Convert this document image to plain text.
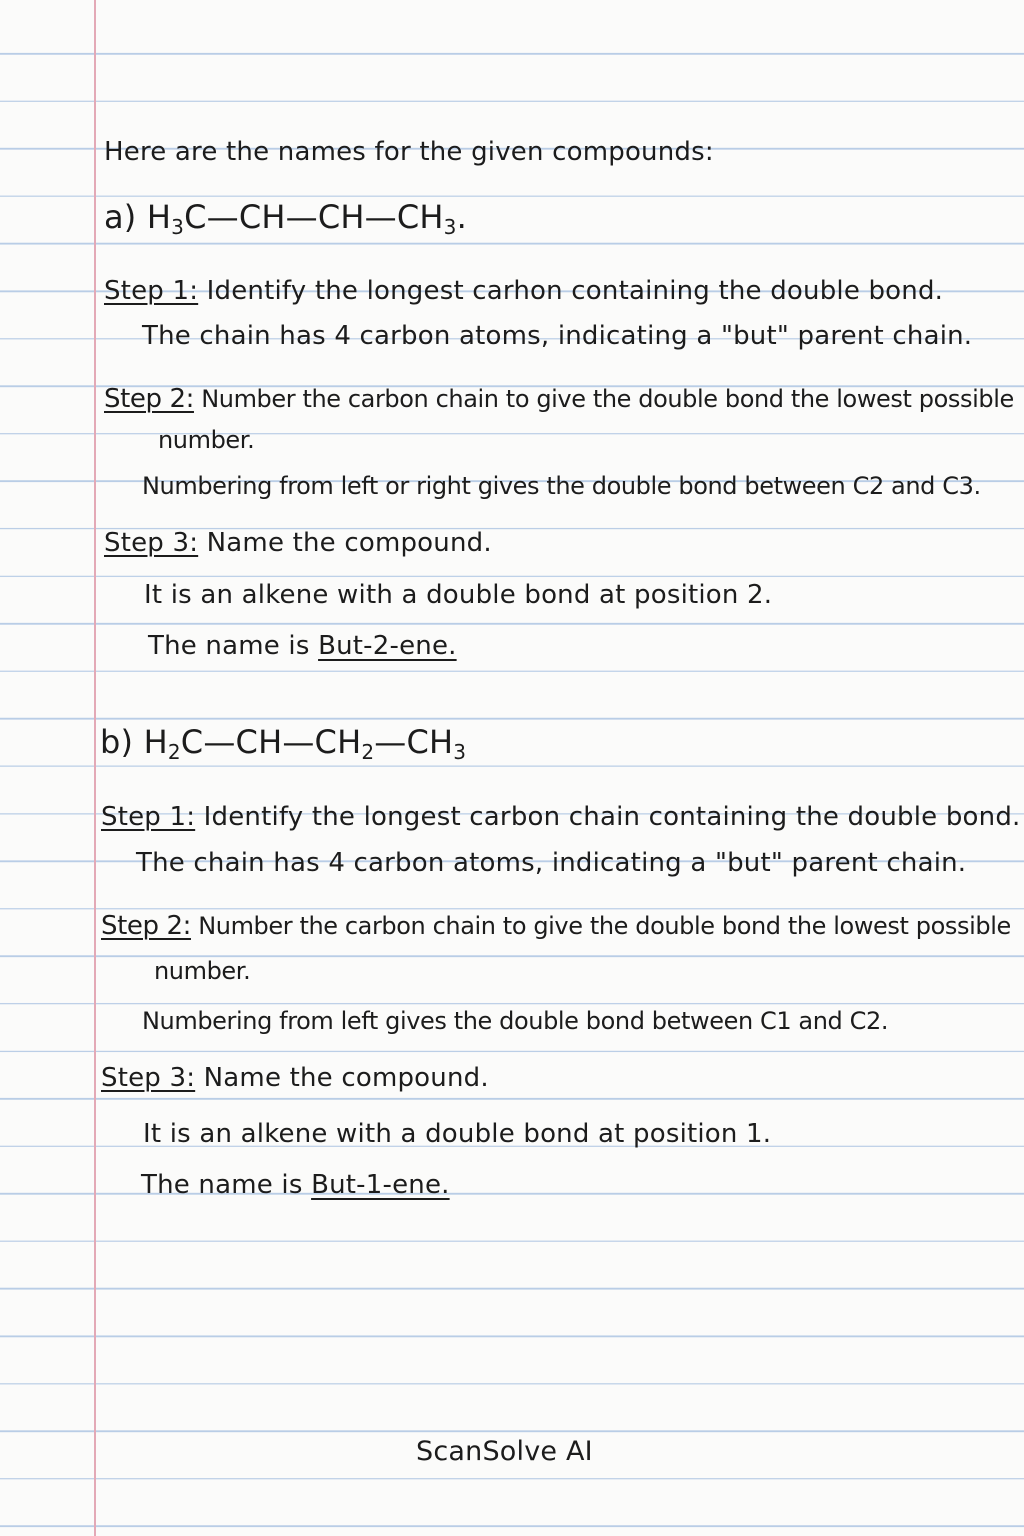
Here are the names for the given compounds:
a) $H_3C—CH—CH—CH_3$.
Step 1: Identify the longest carhon containing the double bond.
The chain has 4 carbon atoms, indicating a "but" parent chain.
Step 2: Number the carbon chain to give the double bond the lowest possible
number.
Numbering from left or right gives the double bond between C2 and C3.
Step 3: Name the compound.
It is an alkene with a double bond at position 2.
The name is But-2-ene.
b) $H_2C—CH—CH_2—CH_3$
Step 1: Identify the longest carbon chain containing the double bond.
The chain has 4 carbon atoms, indicating a "but" parent chain.
Step 2: Number the carbon chain to give the double bond the lowest possible
number.
Numbering from left gives the double bond between C1 and C2.
Step 3: Name the compound.
It is an alkene with a double bond at position 1.
The name is But-1-ene.
ScanSolve AI
